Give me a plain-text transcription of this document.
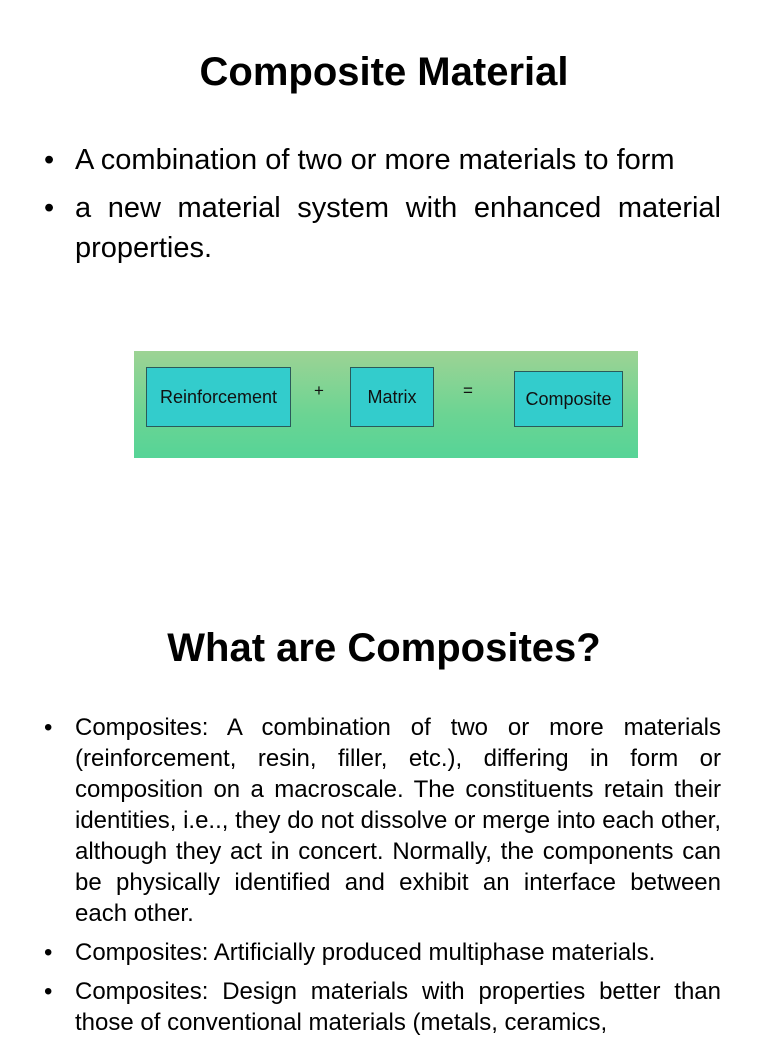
Composite Material
• A combination of two or more materials to form
• a new material system with enhanced material properties.
Reinforcement	+	Matrix	=	Composite
What are Composites?
• Composites: A combination of two or more materials (reinforcement, resin, filler, etc.), differing in form or composition on a macroscale. The constituents retain their identities, i.e.., they do not dissolve or merge into each other, although they act in concert. Normally, the components can be physically identified and exhibit an interface between each other.
• Composites: Artificially produced multiphase materials.
• Composites: Design materials with properties better than those of conventional materials (metals, ceramics,
